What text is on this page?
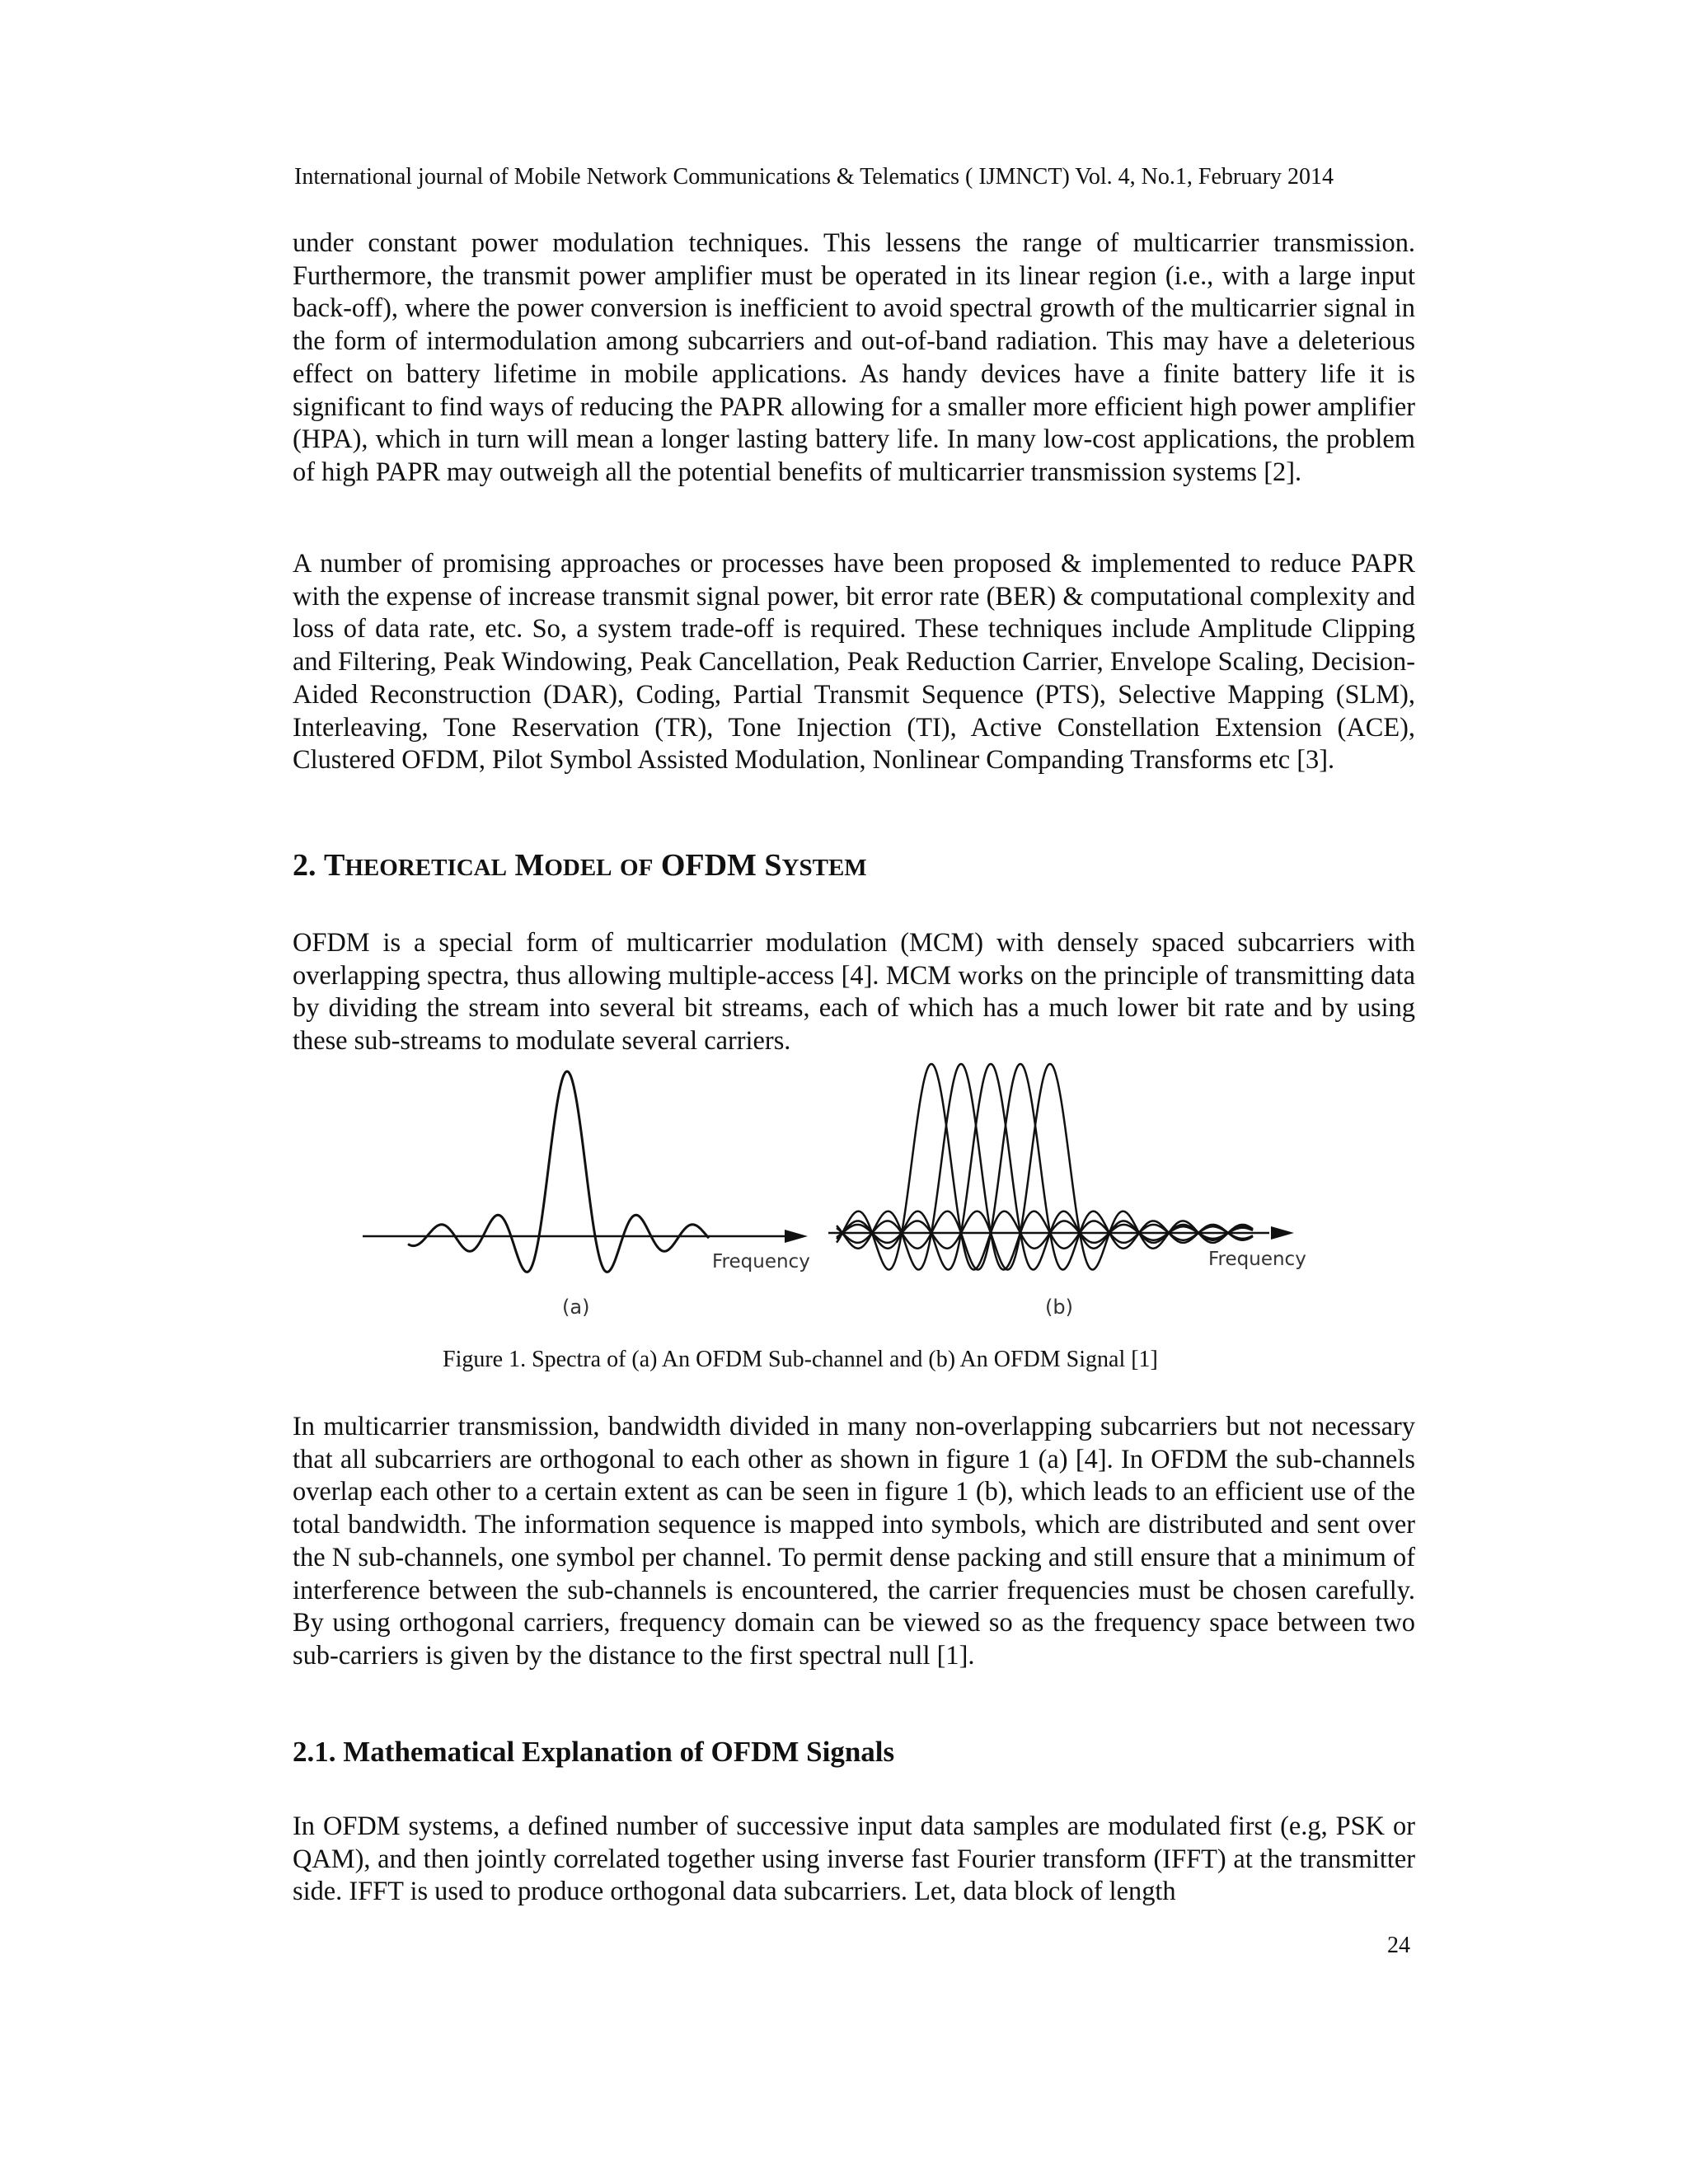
International journal of Mobile Network Communications & Telematics ( IJMNCT) Vol. 4, No.1, February 2014

under constant power modulation techniques. This lessens the range of multicarrier transmission. Furthermore, the transmit power amplifier must be operated in its linear region (i.e., with a large input back-off), where the power conversion is inefficient to avoid spectral growth of the multicarrier signal in the form of intermodulation among subcarriers and out-of-band radiation. This may have a deleterious effect on battery lifetime in mobile applications. As handy devices have a finite battery life it is significant to find ways of reducing the PAPR allowing for a smaller more efficient high power amplifier (HPA), which in turn will mean a longer lasting battery life. In many low-cost applications, the problem of high PAPR may outweigh all the potential benefits of multicarrier transmission systems [2].

A number of promising approaches or processes have been proposed & implemented to reduce PAPR with the expense of increase transmit signal power, bit error rate (BER) & computational complexity and loss of data rate, etc. So, a system trade-off is required. These techniques include Amplitude Clipping and Filtering, Peak Windowing, Peak Cancellation, Peak Reduction Carrier, Envelope Scaling, Decision-Aided Reconstruction (DAR), Coding, Partial Transmit Sequence (PTS), Selective Mapping (SLM), Interleaving, Tone Reservation (TR), Tone Injection (TI), Active Constellation Extension (ACE), Clustered OFDM, Pilot Symbol Assisted Modulation, Nonlinear Companding Transforms etc [3].

2. THEORETICAL MODEL OF OFDM SYSTEM

OFDM is a special form of multicarrier modulation (MCM) with densely spaced subcarriers with overlapping spectra, thus allowing multiple-access [4]. MCM works on the principle of transmitting data by dividing the stream into several bit streams, each of which has a much lower bit rate and by using these sub-streams to modulate several carriers.

Frequency
(a)
Frequency
(b)
Figure 1. Spectra of (a) An OFDM Sub-channel and (b) An OFDM Signal [1]

In multicarrier transmission, bandwidth divided in many non-overlapping subcarriers but not necessary that all subcarriers are orthogonal to each other as shown in figure 1 (a) [4]. In OFDM the sub-channels overlap each other to a certain extent as can be seen in figure 1 (b), which leads to an efficient use of the total bandwidth. The information sequence is mapped into symbols, which are distributed and sent over the N sub-channels, one symbol per channel. To permit dense packing and still ensure that a minimum of interference between the sub-channels is encountered, the carrier frequencies must be chosen carefully. By using orthogonal carriers, frequency domain can be viewed so as the frequency space between two sub-carriers is given by the distance to the first spectral null [1].

2.1. Mathematical Explanation of OFDM Signals

In OFDM systems, a defined number of successive input data samples are modulated first (e.g, PSK or QAM), and then jointly correlated together using inverse fast Fourier transform (IFFT) at the transmitter side. IFFT is used to produce orthogonal data subcarriers. Let, data block of length

24
